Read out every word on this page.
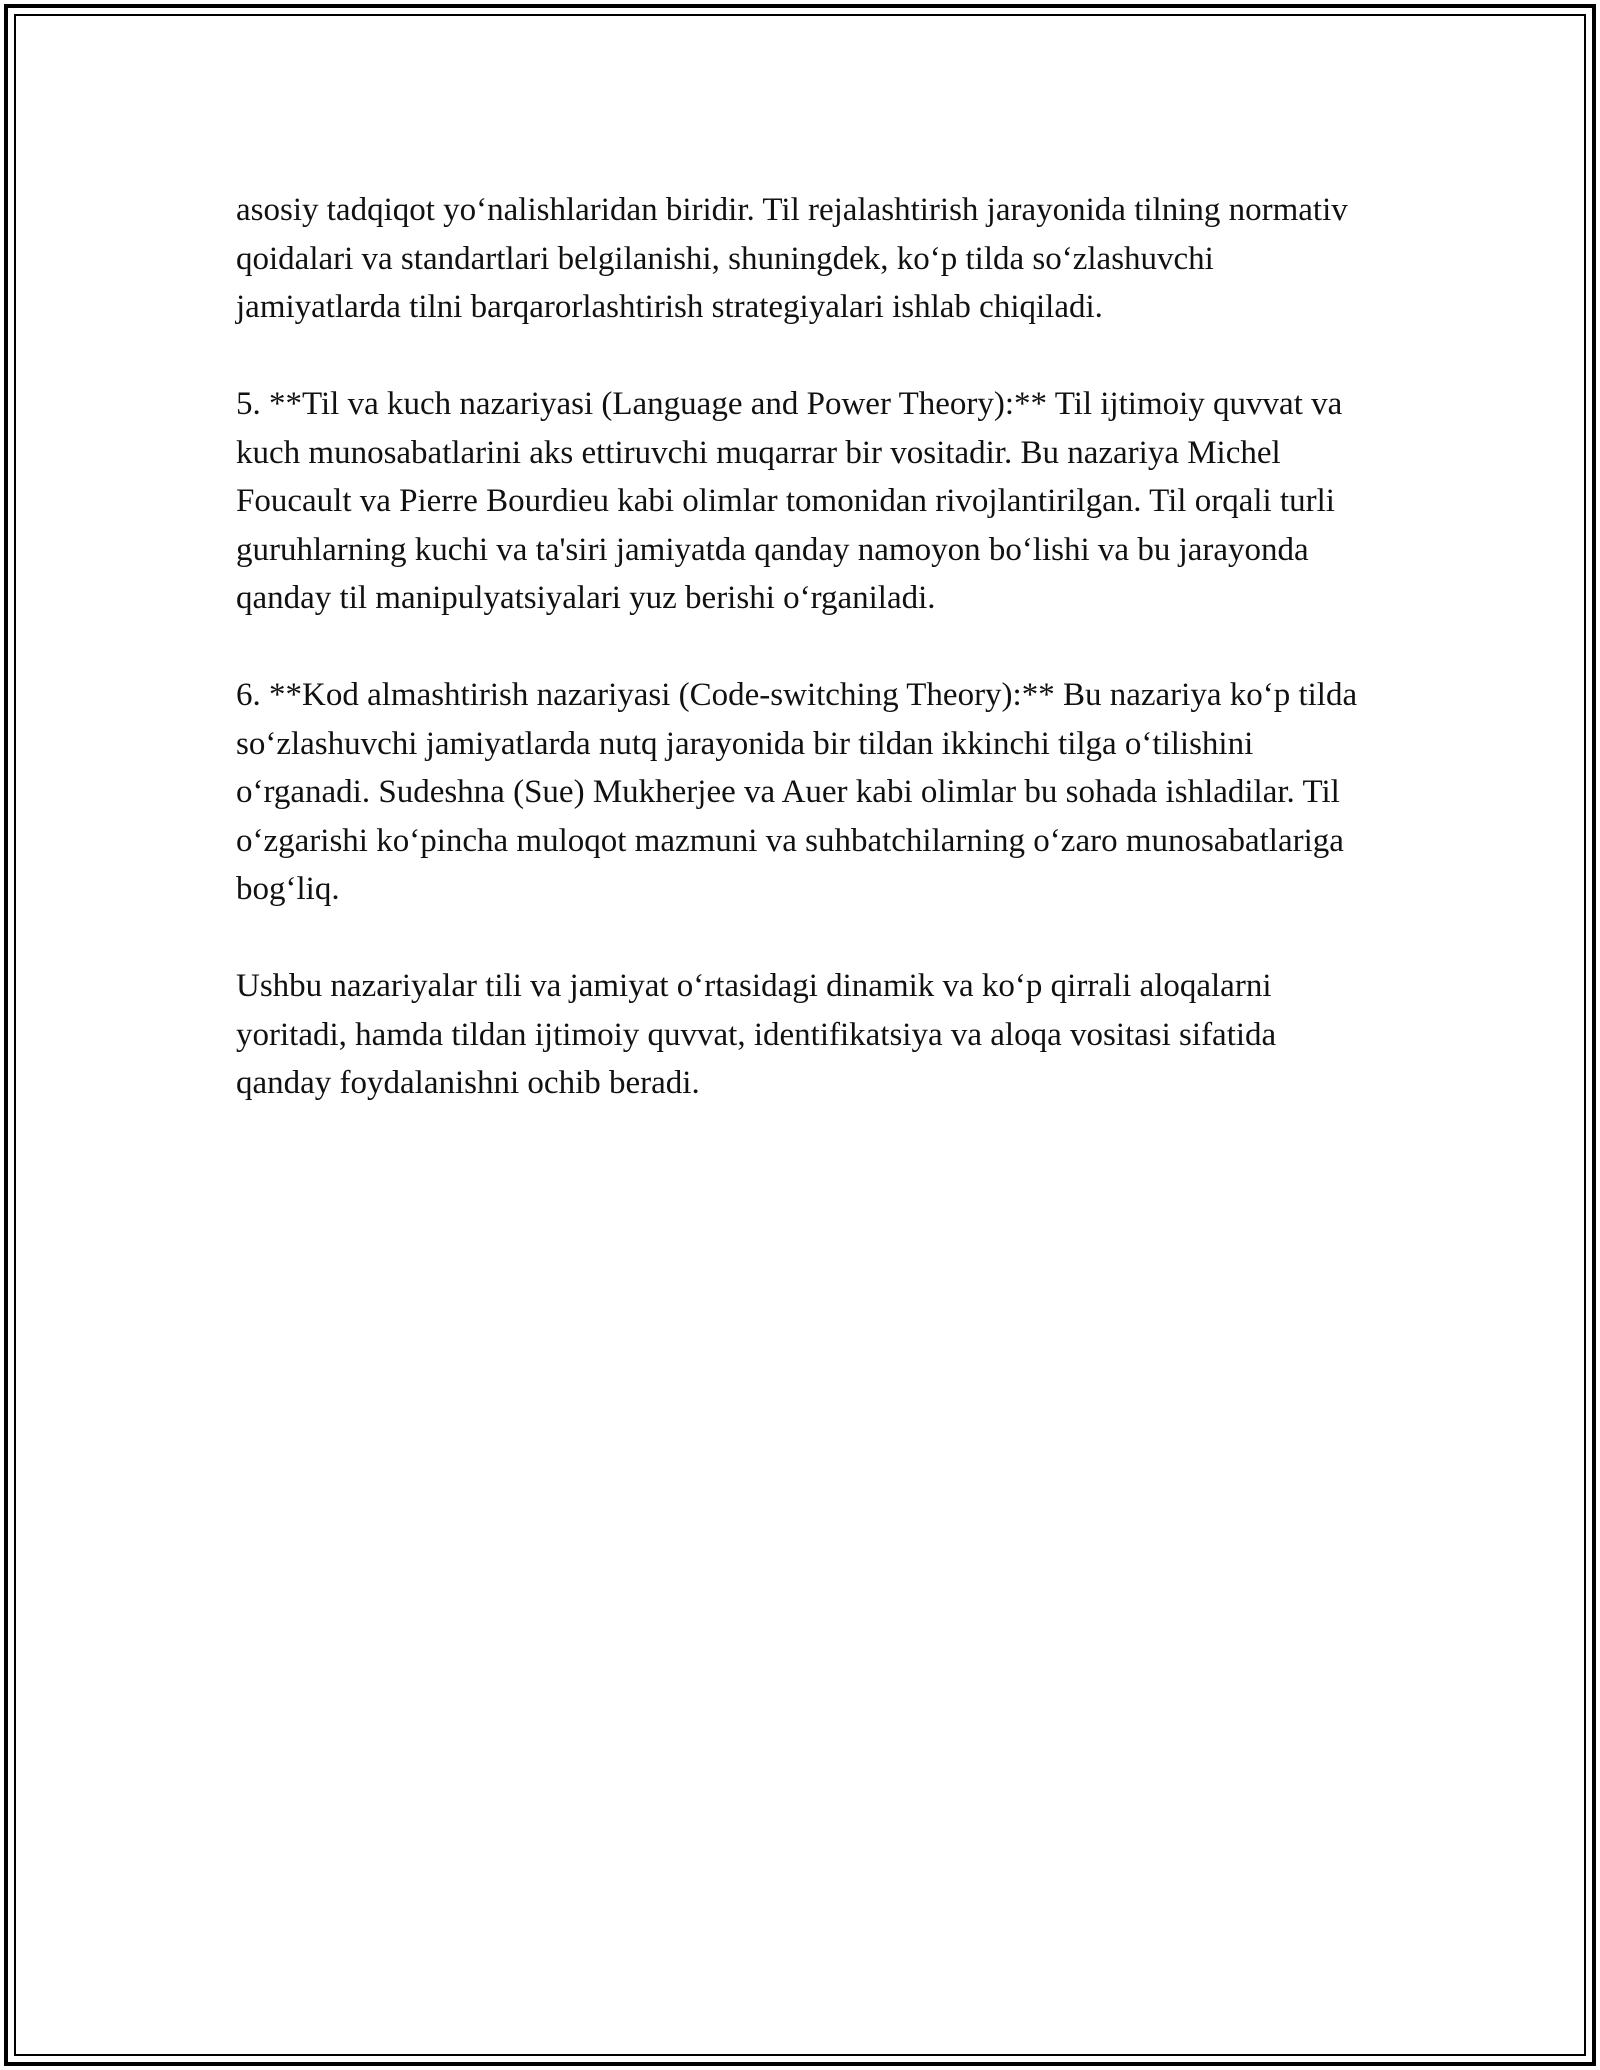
asosiy tadqiqot yoʻnalishlaridan biridir. Til rejalashtirish jarayonida tilning normativ qoidalari va standartlari belgilanishi, shuningdek, koʻp tilda soʻzlashuvchi jamiyatlarda tilni barqarorlashtirish strategiyalari ishlab chiqiladi.

5. **Til va kuch nazariyasi (Language and Power Theory):** Til ijtimoiy quvvat va kuch munosabatlarini aks ettiruvchi muqarrar bir vositadir. Bu nazariya Michel Foucault va Pierre Bourdieu kabi olimlar tomonidan rivojlantirilgan. Til orqali turli guruhlarning kuchi va ta'siri jamiyatda qanday namoyon boʻlishi va bu jarayonda qanday til manipulyatsiyalari yuz berishi oʻrganiladi.

6. **Kod almashtirish nazariyasi (Code-switching Theory):** Bu nazariya koʻp tilda soʻzlashuvchi jamiyatlarda nutq jarayonida bir tildan ikkinchi tilga oʻtilishini oʻrganadi. Sudeshna (Sue) Mukherjee va Auer kabi olimlar bu sohada ishladilar. Til oʻzgarishi koʻpincha muloqot mazmuni va suhbatchilarning oʻzaro munosabatlariga bogʻliq.

Ushbu nazariyalar tili va jamiyat oʻrtasidagi dinamik va koʻp qirrali aloqalarni yoritadi, hamda tildan ijtimoiy quvvat, identifikatsiya va aloqa vositasi sifatida qanday foydalanishni ochib beradi.
